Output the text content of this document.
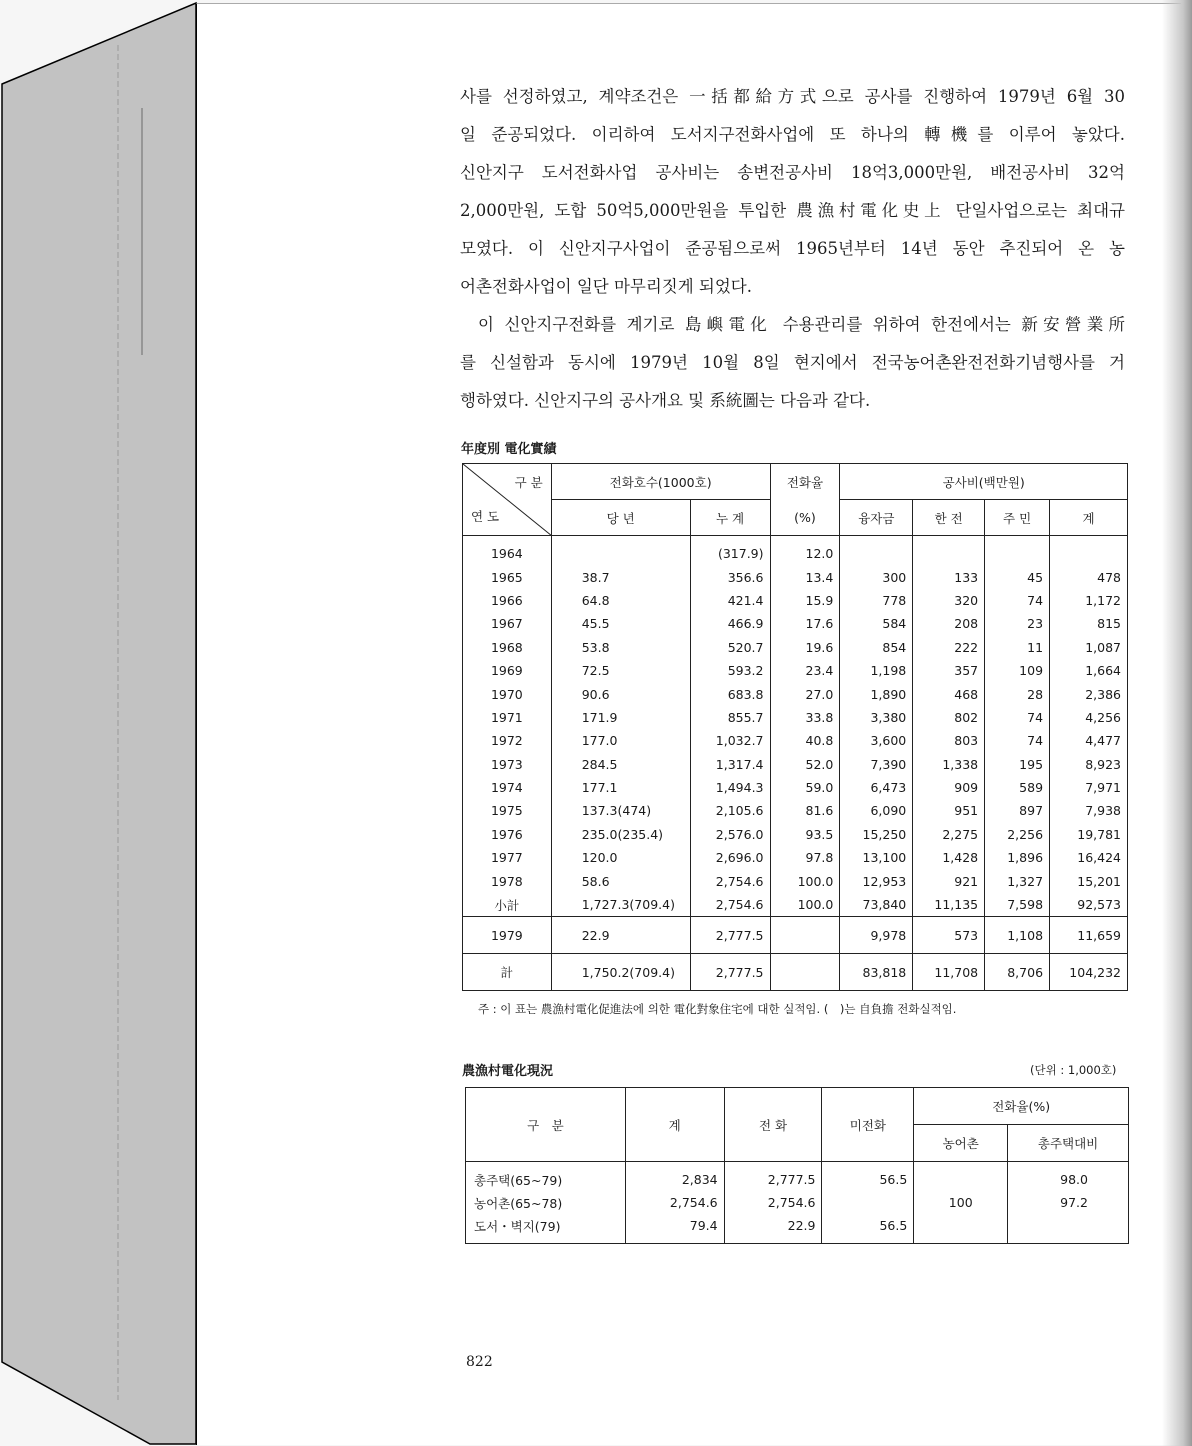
사를 선정하였고, 계약조건은 一括都給方式으로 공사를 진행하여 1979년 6월 30
일 준공되었다. 이리하여 도서지구전화사업에 또 하나의 轉機를 이루어 놓았다.
신안지구 도서전화사업 공사비는 송변전공사비 18억3,000만원, 배전공사비 32억
2,000만원, 도합 50억5,000만원을 투입한 農漁村電化史上 단일사업으로는 최대규
모였다. 이 신안지구사업이 준공됨으로써 1965년부터 14년 동안 추진되어 온 농
어촌전화사업이 일단 마무리짓게 되었다.
이 신안지구전화를 계기로 島嶼電化 수용관리를 위하여 한전에서는 新安營業所
를 신설함과 동시에 1979년 10월 8일 현지에서 전국농어촌완전전화기념행사를 거
행하였다. 신안지구의 공사개요 및 系統圖는 다음과 같다.
年度別 電化實績
구 분
연 도	전화호수(1000호)		전화율	공사비(백만원)			
	당 년	누 계	(%)	융자금	한 전	주 민	계
1964		(317.9)	12.0				
1965	38.7	356.6	13.4	300	133	45	478
1966	64.8	421.4	15.9	778	320	74	1,172
1967	45.5	466.9	17.6	584	208	23	815
1968	53.8	520.7	19.6	854	222	11	1,087
1969	72.5	593.2	23.4	1,198	357	109	1,664
1970	90.6	683.8	27.0	1,890	468	28	2,386
1971	171.9	855.7	33.8	3,380	802	74	4,256
1972	177.0	1,032.7	40.8	3,600	803	74	4,477
1973	284.5	1,317.4	52.0	7,390	1,338	195	8,923
1974	177.1	1,494.3	59.0	6,473	909	589	7,971
1975	137.3(474)	2,105.6	81.6	6,090	951	897	7,938
1976	235.0(235.4)	2,576.0	93.5	15,250	2,275	2,256	19,781
1977	120.0	2,696.0	97.8	13,100	1,428	1,896	16,424
1978	58.6	2,754.6	100.0	12,953	921	1,327	15,201
小計	1,727.3(709.4)	2,754.6	100.0	73,840	11,135	7,598	92,573
1979	22.9	2,777.5		9,978	573	1,108	11,659
計	1,750.2(709.4)	2,777.5		83,818	11,708	8,706	104,232
주 : 이 표는 農漁村電化促進法에 의한 電化對象住宅에 대한 실적임. (　)는 自負擔 전화실적임.
農漁村電化現況	(단위 : 1,000호)
구　분	계	전 화	미전화	전화율(%)	
				농어촌	총주택대비
총주택(65~79)	2,834	2,777.5	56.5		98.0
농어촌(65~78)	2,754.6	2,754.6		100	97.2
도서・벽지(79)	79.4	22.9	56.5		
822
